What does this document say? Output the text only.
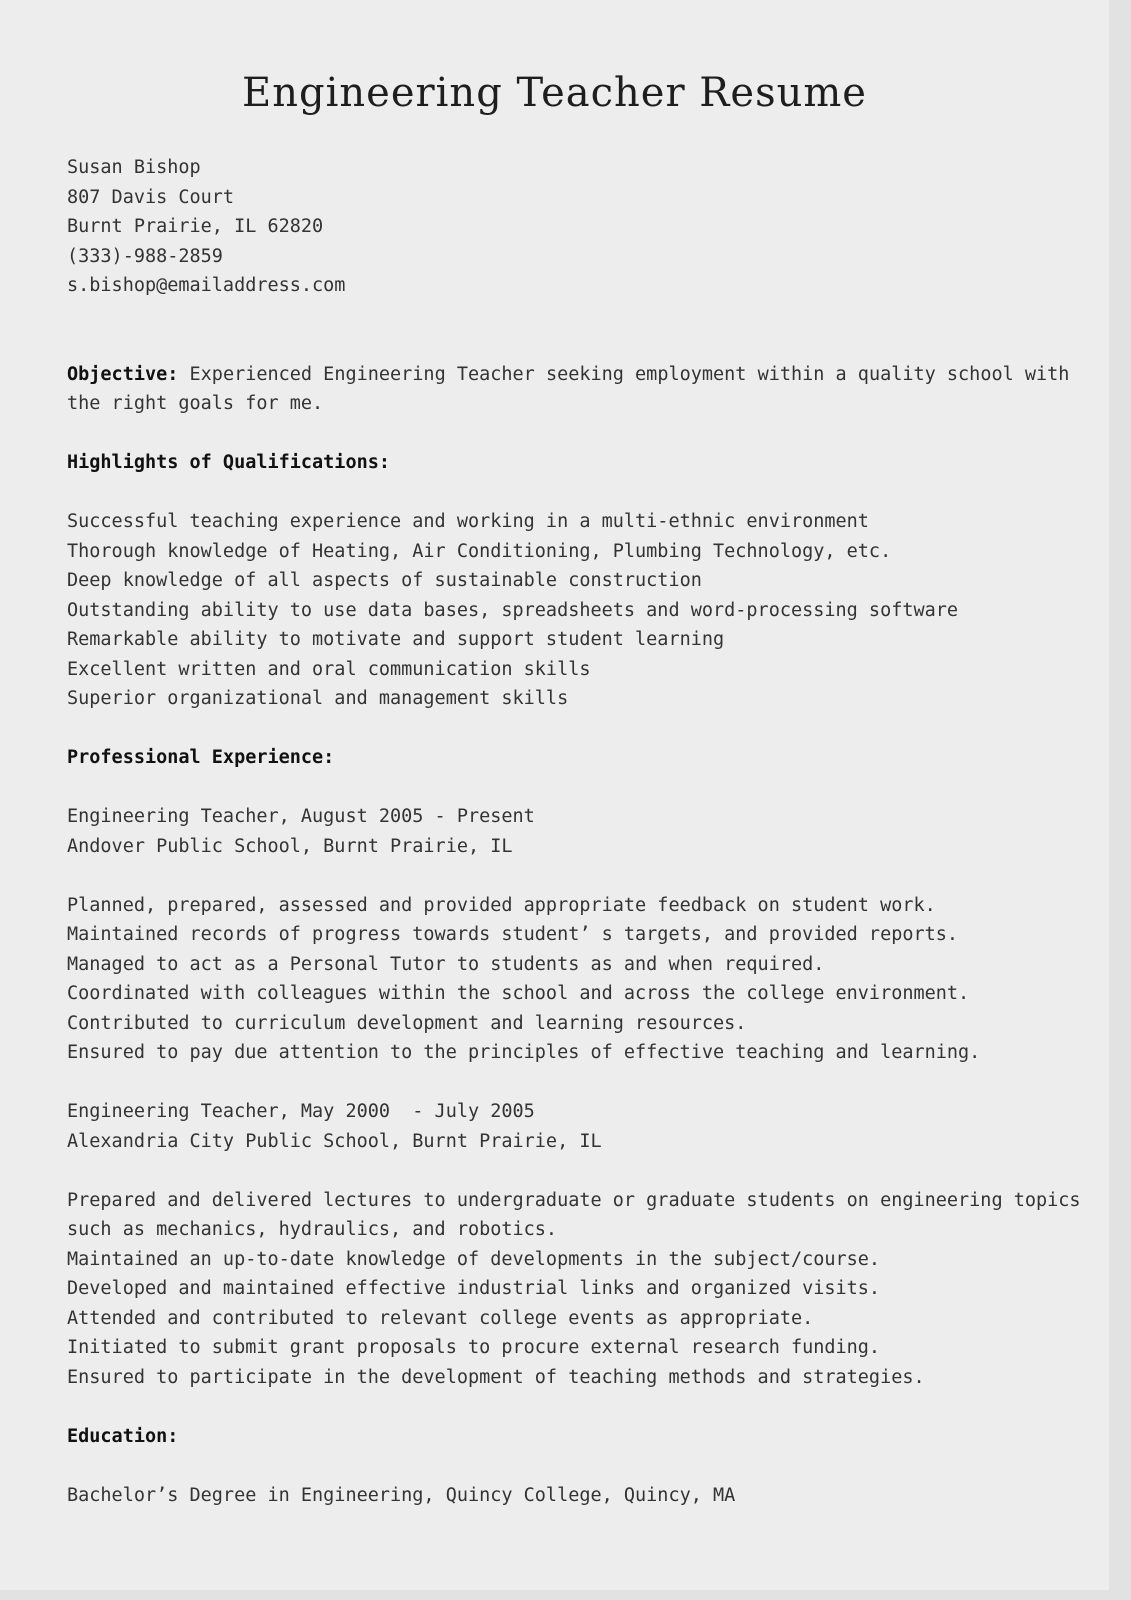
Engineering Teacher Resume
Susan Bishop
807 Davis Court
Burnt Prairie, IL 62820
(333)-988-2859
s.bishop@emailaddress.com
Objective: Experienced Engineering Teacher seeking employment within a quality school with
the right goals for me.
Highlights of Qualifications:
Successful teaching experience and working in a multi-ethnic environment
Thorough knowledge of Heating, Air Conditioning, Plumbing Technology, etc.
Deep knowledge of all aspects of sustainable construction
Outstanding ability to use data bases, spreadsheets and word-processing software
Remarkable ability to motivate and support student learning
Excellent written and oral communication skills
Superior organizational and management skills
Professional Experience:
Engineering Teacher, August 2005 - Present
Andover Public School, Burnt Prairie, IL
Planned, prepared, assessed and provided appropriate feedback on student work.
Maintained records of progress towards student’ s targets, and provided reports.
Managed to act as a Personal Tutor to students as and when required.
Coordinated with colleagues within the school and across the college environment.
Contributed to curriculum development and learning resources.
Ensured to pay due attention to the principles of effective teaching and learning.
Engineering Teacher, May 2000  - July 2005
Alexandria City Public School, Burnt Prairie, IL
Prepared and delivered lectures to undergraduate or graduate students on engineering topics
such as mechanics, hydraulics, and robotics.
Maintained an up-to-date knowledge of developments in the subject/course.
Developed and maintained effective industrial links and organized visits.
Attended and contributed to relevant college events as appropriate.
Initiated to submit grant proposals to procure external research funding.
Ensured to participate in the development of teaching methods and strategies.
Education:
Bachelor’s Degree in Engineering, Quincy College, Quincy, MA
